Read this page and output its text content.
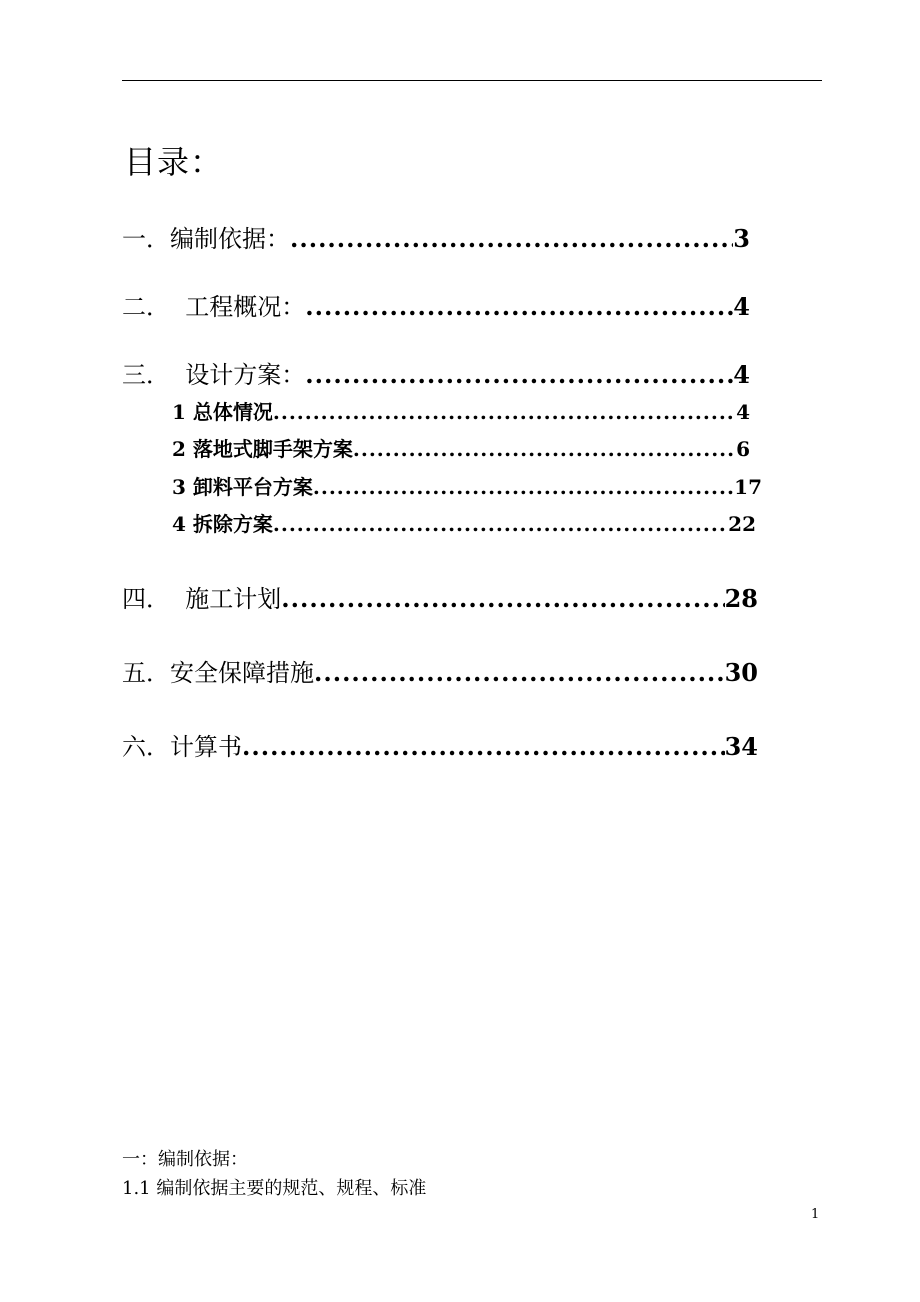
目录：
一．编制依据： .....	3
二．  工程概况： .....	4
三．  设计方案： .....	4
1 总体情况 .....	4
2 落地式脚手架方案 .....	6
3 卸料平台方案 .....	17
4 拆除方案 .....	22
四．  施工计划 .....	28
五．安全保障措施 .....	30
六．计算书 .....	34
一：编制依据：
1.1 编制依据主要的规范、规程、标准
1
